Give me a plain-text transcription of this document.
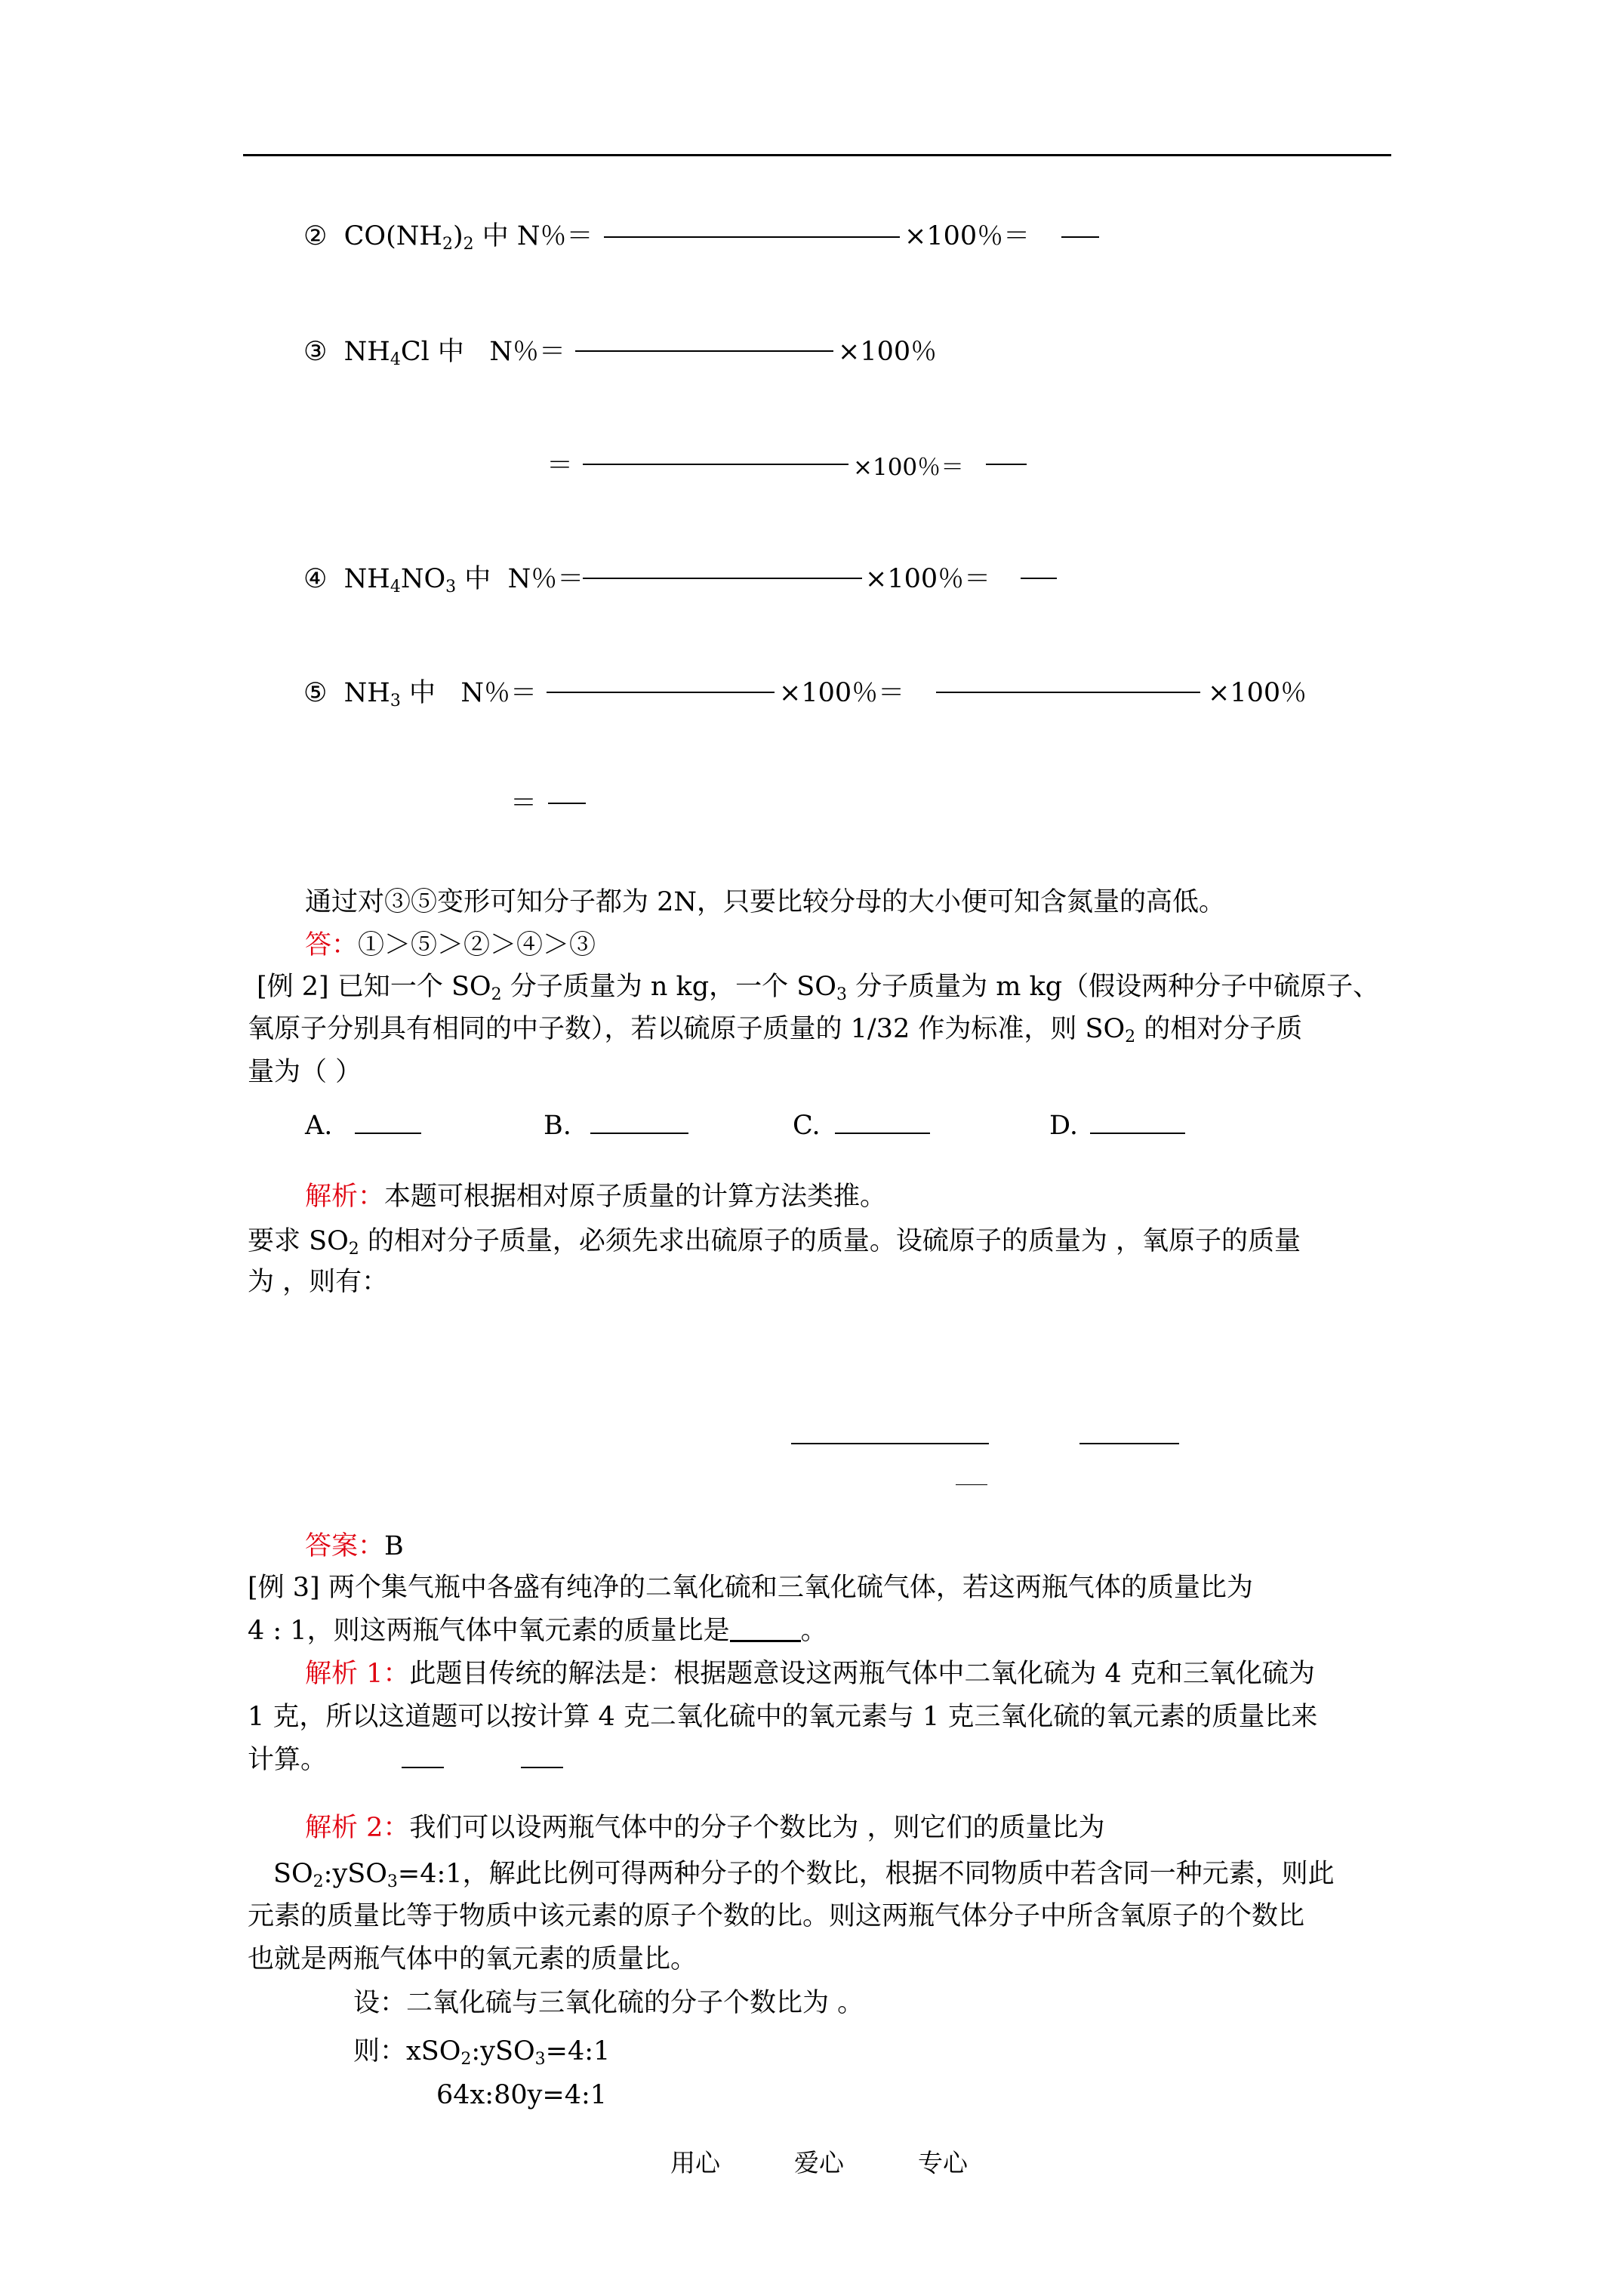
② $CO(NH_2)_2$ 中 N％＝	×100％＝
③ $NH_4Cl$ 中 N％＝	×100％
＝	×100％＝
④ $NH_4NO_3$ 中 N％＝	×100％＝
⑤ $NH_3$ 中 N％＝	×100％＝	×100％
＝
通过对③⑤变形可知分子都为 2N，只要比较分母的大小便可知含氮量的高低。
答：①＞⑤＞②＞④＞③
[例 2] 已知一个 $SO_2$ 分子质量为 n kg，一个 $SO_3$ 分子质量为 m kg（假设两种分子中硫原子、
氧原子分别具有相同的中子数），若以硫原子质量的 1/32 作为标准，则 $SO_2$ 的相对分子质
量为（ ）
A.	B.	C.	D.
解析：本题可根据相对原子质量的计算方法类推。
要求 $SO_2$ 的相对分子质量，必须先求出硫原子的质量。设硫原子的质量为 ，氧原子的质量
为 ，则有：
答案：B
[例 3] 两个集气瓶中各盛有纯净的二氧化硫和三氧化硫气体，若这两瓶气体的质量比为
4 : 1，则这两瓶气体中氧元素的质量比是	。
解析 1：此题目传统的解法是：根据题意设这两瓶气体中二氧化硫为 4 克和三氧化硫为
1 克，所以这道题可以按计算 4 克二氧化硫中的氧元素与 1 克三氧化硫的氧元素的质量比来
计算。
解析 2：我们可以设两瓶气体中的分子个数比为 ，则它们的质量比为
$SO_2:ySO_3=4:1$，解此比例可得两种分子的个数比，根据不同物质中若含同一种元素，则此
元素的质量比等于物质中该元素的原子个数的比。则这两瓶气体分子中所含氧原子的个数比
也就是两瓶气体中的氧元素的质量比。
设：二氧化硫与三氧化硫的分子个数比为 。
则：xSO$_2$:ySO$_3$=4:1
64x:80y=4:1
用心	爱心	专心
